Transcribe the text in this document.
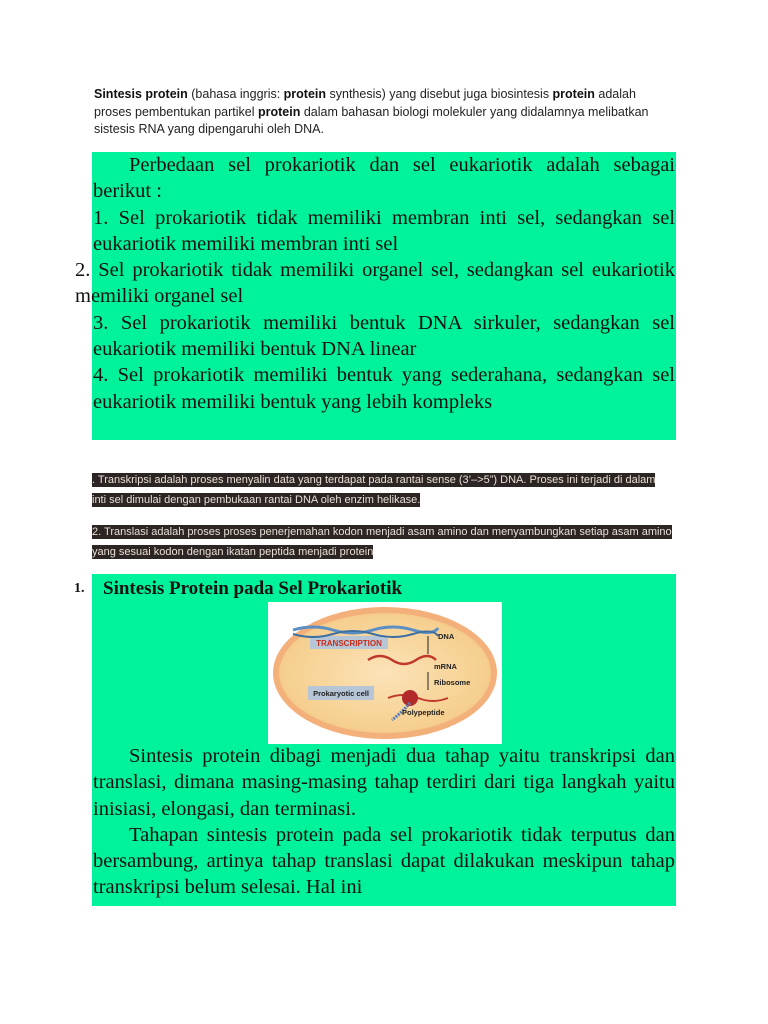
Sintesis protein (bahasa inggris: protein synthesis) yang disebut juga biosintesis protein adalah proses pembentukan partikel protein dalam bahasan biologi molekuler yang didalamnya melibatkan sistesis RNA yang dipengaruhi oleh DNA.

Perbedaan sel prokariotik dan sel eukariotik adalah sebagai berikut :

1. Sel prokariotik tidak memiliki membran inti sel, sedangkan sel eukariotik memiliki membran inti sel

2. Sel prokariotik tidak memiliki organel sel, sedangkan sel eukariotik memiliki organel sel

3. Sel prokariotik memiliki bentuk DNA sirkuler, sedangkan sel eukariotik memiliki bentuk DNA linear

4. Sel prokariotik memiliki bentuk yang sederahana, sedangkan sel eukariotik memiliki bentuk yang lebih kompleks

. Transkripsi adalah proses menyalin data yang terdapat pada rantai sense (3’–>5”) DNA. Proses ini terjadi di dalam inti sel dimulai dengan pembukaan rantai DNA oleh enzim helikase.
2. Translasi adalah proses proses penerjemahan kodon menjadi asam amino dan menyambungkan setiap asam amino yang sesuai kodon dengan ikatan peptida menjadi protein
1. Sintesis Protein pada Sel Prokariotik
TRANSCRIPTION
DNA
mRNA
Ribosome
Prokaryotic cell
Polypeptide

Sintesis protein dibagi menjadi dua tahap yaitu transkripsi dan translasi, dimana masing-masing tahap terdiri dari tiga langkah yaitu inisiasi, elongasi, dan terminasi.

Tahapan sintesis protein pada sel prokariotik tidak terputus dan bersambung, artinya tahap translasi dapat dilakukan meskipun tahap transkripsi belum selesai. Hal ini
